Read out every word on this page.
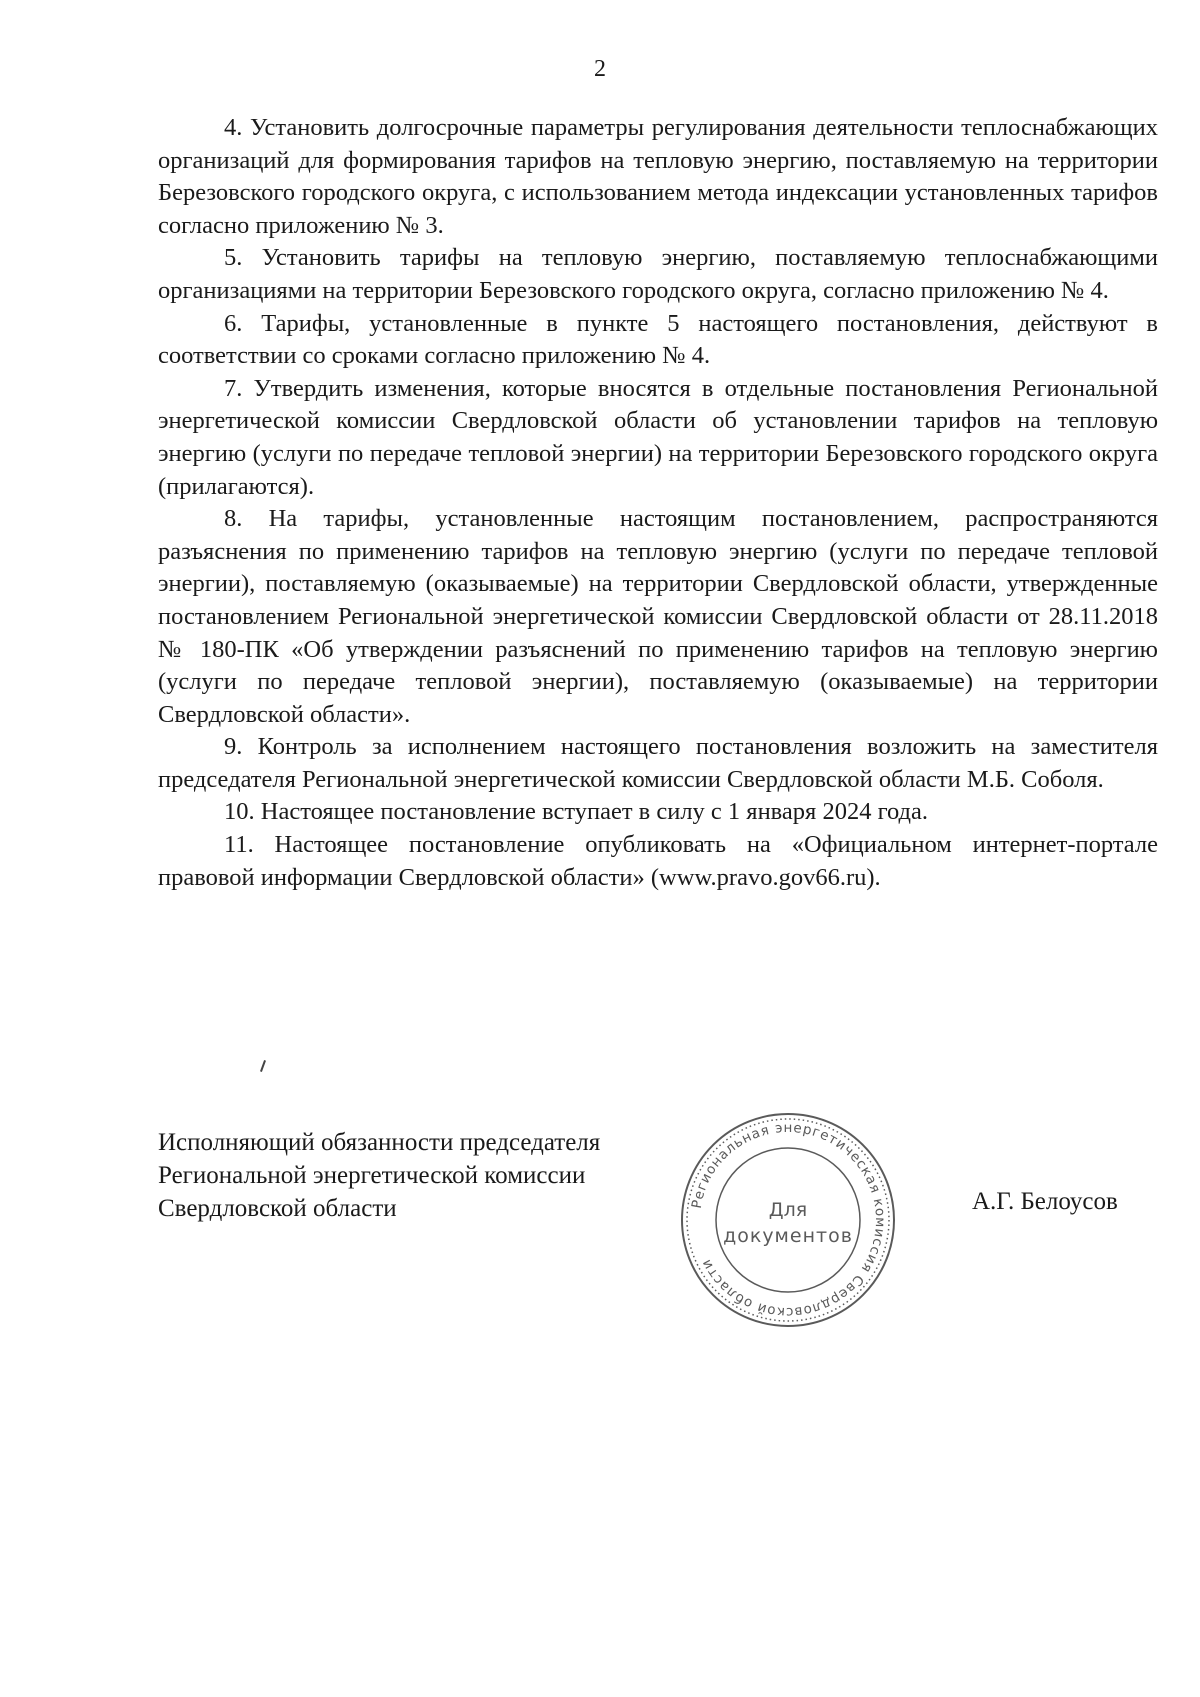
2

4. Установить долгосрочные параметры регулирования деятельности теплоснабжающих организаций для формирования тарифов на тепловую энергию, поставляемую на территории Березовского городского округа, с использованием метода индексации установленных тарифов согласно приложению № 3.

5. Установить тарифы на тепловую энергию, поставляемую теплоснабжающими организациями на территории Березовского городского округа, согласно приложению № 4.

6. Тарифы, установленные в пункте 5 настоящего постановления, действуют в соответствии со сроками согласно приложению № 4.

7. Утвердить изменения, которые вносятся в отдельные постановления Региональной энергетической комиссии Свердловской области об установлении тарифов на тепловую энергию (услуги по передаче тепловой энергии) на территории Березовского городского округа (прилагаются).

8. На тарифы, установленные настоящим постановлением, распространяются разъяснения по применению тарифов на тепловую энергию (услуги по передаче тепловой энергии), поставляемую (оказываемые) на территории Свердловской области, утвержденные постановлением Региональной энергетической комиссии Свердловской области от 28.11.2018 № 180-ПК «Об утверждении разъяснений по применению тарифов на тепловую энергию (услуги по передаче тепловой энергии), поставляемую (оказываемые) на территории Свердловской области».

9. Контроль за исполнением настоящего постановления возложить на заместителя председателя Региональной энергетической комиссии Свердловской области М.Б. Соболя.

10. Настоящее постановление вступает в силу с 1 января 2024 года.

11. Настоящее постановление опубликовать на «Официальном интернет-портале правовой информации Свердловской области» (www.pravo.gov66.ru).

Исполняющий обязанности председателя
Региональной энергетической комиссии
Свердловской области	Региональная энергетическая комиссия Свердловской области
Для
документов
А.Г. Белоусов
